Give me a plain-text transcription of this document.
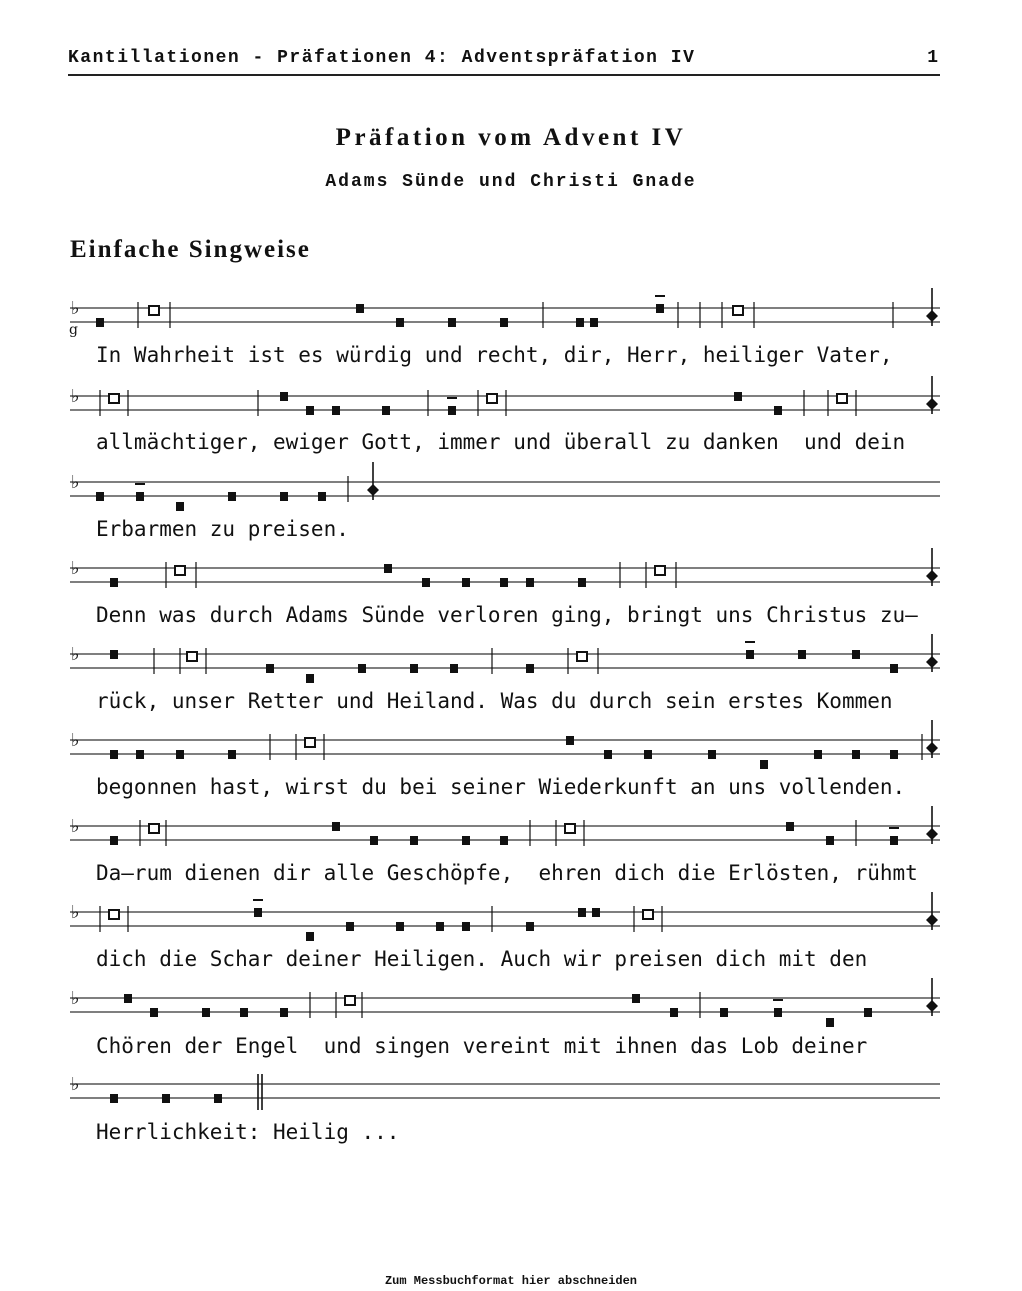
Kantillationen - Präfationen 4: Adventspräfation IV	1
Präfation vom Advent IV
Adams Sünde und Christi Gnade
Einfache Singweise
♭
g
♭
♭
♭
♭
♭
♭
♭
♭
♭
In Wahrheit ist es würdig und recht, dir, Herr, heiliger Vater,
allmächtiger, ewiger Gott, immer und überall zu danken  und dein
Erbarmen zu preisen.
Denn was durch Adams Sünde verloren ging, bringt uns Christus zu–
rück, unser Retter und Heiland. Was du durch sein erstes Kommen
begonnen hast, wirst du bei seiner Wiederkunft an uns vollenden.
Da–rum dienen dir alle Geschöpfe,  ehren dich die Erlösten, rühmt
dich die Schar deiner Heiligen. Auch wir preisen dich mit den
Chören der Engel  und singen vereint mit ihnen das Lob deiner
Herrlichkeit: Heilig ...
Zum Messbuchformat hier abschneiden
